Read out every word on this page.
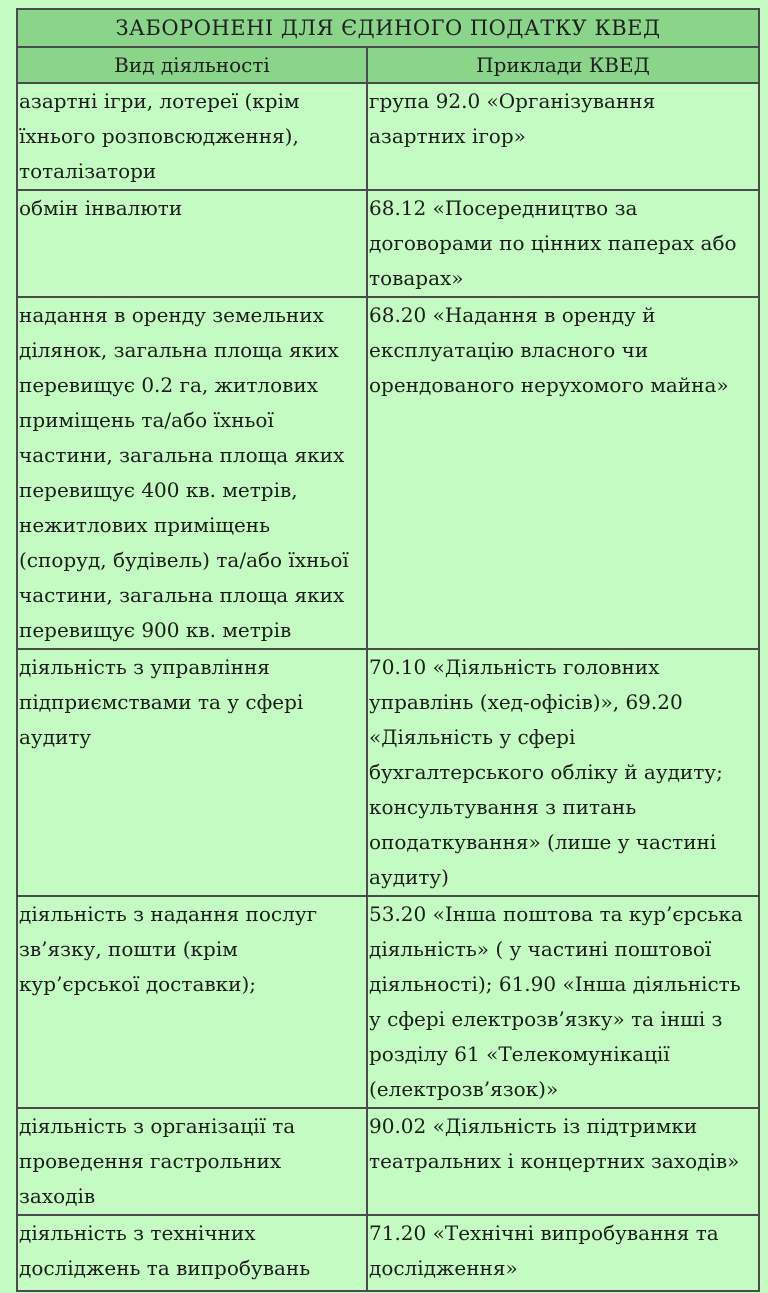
ЗАБОРОНЕНІ ДЛЯ ЄДИНОГО ПОДАТКУ КВЕД	
Вид діяльності	Приклади КВЕД
азартні ігри, лотереї (крім їхнього розповсюдження), тоталізатори	група 92.0 «Організування азартних ігор»
обмін інвалюти	68.12 «Посередництво за договорами по цінних паперах або товарах»
надання в оренду земельних ділянок, загальна площа яких перевищує 0.2 га, житлових приміщень та/або їхньої частини, загальна площа яких перевищує 400 кв. метрів, нежитлових приміщень (споруд, будівель) та/або їхньої частини, загальна площа яких перевищує 900 кв. метрів	68.20 «Надання в оренду й експлуатацію власного чи орендованого нерухомого майна»
діяльність з управління підприємствами та у сфері аудиту	70.10 «Діяльність головних управлінь (хед-офісів)», 69.20 «Діяльність у сфері бухгалтерського обліку й аудиту; консультування з питань оподаткування» (лише у частині аудиту)
діяльність з надання послуг зв’язку, пошти (крім кур’єрської доставки);	53.20 «Інша поштова та кур’єрська діяльність» ( у частині поштової діяльності); 61.90 «Інша діяльність у сфері електрозв’язку» та інші з розділу 61 «Телекомунікації (електрозв’язок)»
діяльність з організації та проведення гастрольних заходів	90.02 «Діяльність із підтримки театральних і концертних заходів»
діяльність з технічних досліджень та випробувань	71.20 «Технічні випробування та дослідження»
